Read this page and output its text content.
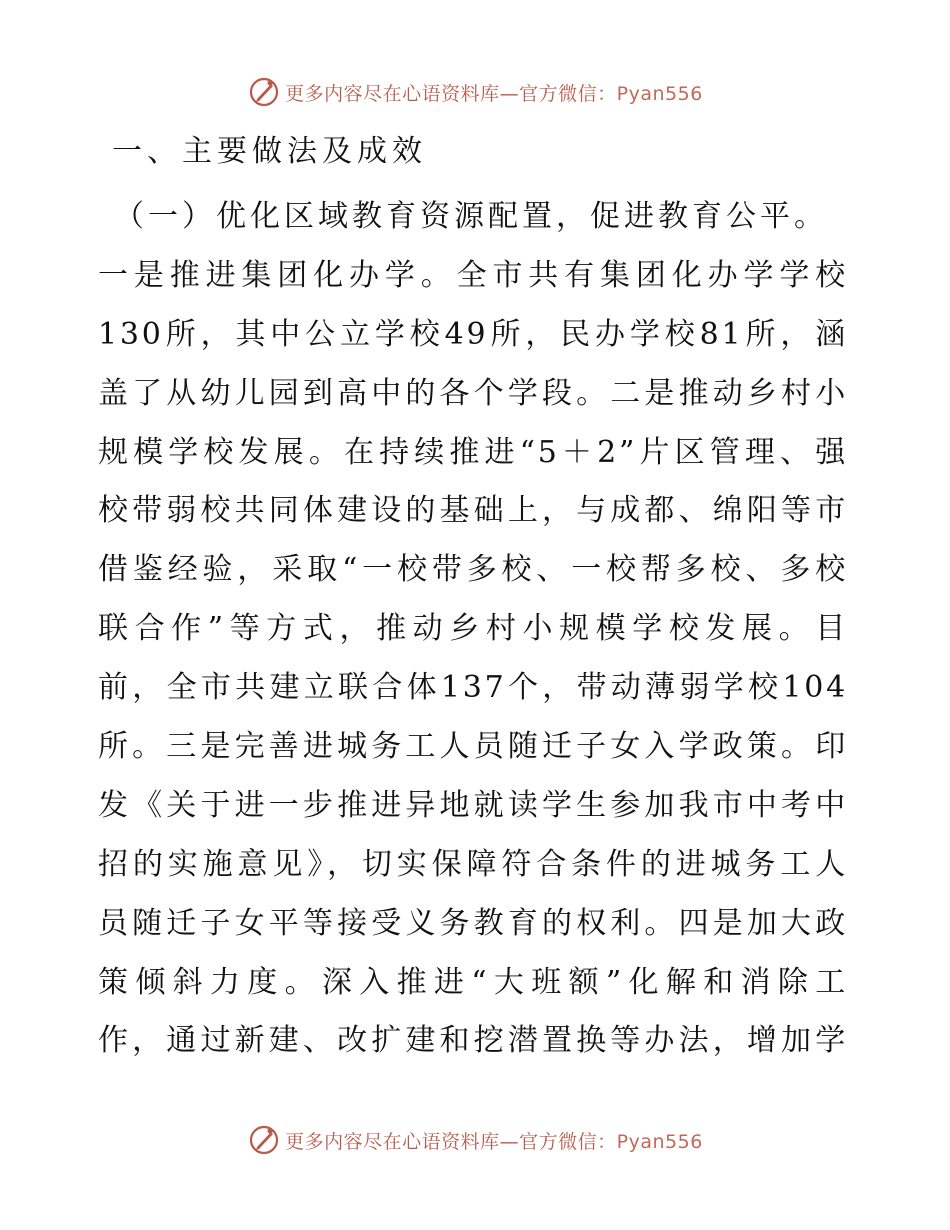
更多内容尽在心语资料库—官方微信：Pyan556
一、主要做法及成效
（一）优化区域教育资源配置，促进教育公平。
一是推进集团化办学。全市共有集团化办学学校
130所，其中公立学校49所，民办学校81所，涵
盖了从幼儿园到高中的各个学段。二是推动乡村小
规模学校发展。在持续推进“5＋2”片区管理、强
校带弱校共同体建设的基础上，与成都、绵阳等市
借鉴经验，采取“一校带多校、一校帮多校、多校
联合作”等方式，推动乡村小规模学校发展。目
前，全市共建立联合体137个，带动薄弱学校104
所。三是完善进城务工人员随迁子女入学政策。印
发《关于进一步推进异地就读学生参加我市中考中
招的实施意见》，切实保障符合条件的进城务工人
员随迁子女平等接受义务教育的权利。四是加大政
策倾斜力度。深入推进“大班额”化解和消除工
作，通过新建、改扩建和挖潜置换等办法，增加学
更多内容尽在心语资料库—官方微信：Pyan556
